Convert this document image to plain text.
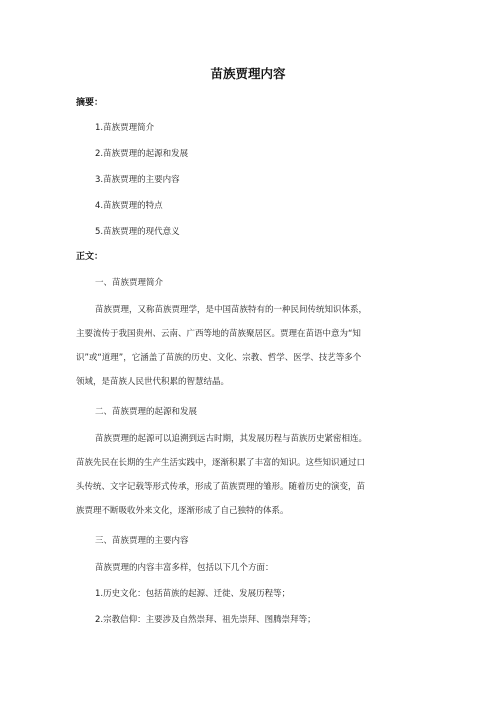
苗族贾理内容
摘要：
1.苗族贾理简介
2.苗族贾理的起源和发展
3.苗族贾理的主要内容
4.苗族贾理的特点
5.苗族贾理的现代意义
正文：
一、苗族贾理简介
苗族贾理，又称苗族贾理学，是中国苗族特有的一种民间传统知识体系，
主要流传于我国贵州、云南、广西等地的苗族聚居区。贾理在苗语中意为“知
识”或“道理”，它涵盖了苗族的历史、文化、宗教、哲学、医学、技艺等多个
领域，是苗族人民世代积累的智慧结晶。
二、苗族贾理的起源和发展
苗族贾理的起源可以追溯到远古时期，其发展历程与苗族历史紧密相连。
苗族先民在长期的生产生活实践中，逐渐积累了丰富的知识。这些知识通过口
头传统、文字记载等形式传承，形成了苗族贾理的雏形。随着历史的演变，苗
族贾理不断吸收外来文化，逐渐形成了自己独特的体系。
三、苗族贾理的主要内容
苗族贾理的内容丰富多样，包括以下几个方面：
1.历史文化：包括苗族的起源、迁徙、发展历程等；
2.宗教信仰：主要涉及自然崇拜、祖先崇拜、图腾崇拜等；
